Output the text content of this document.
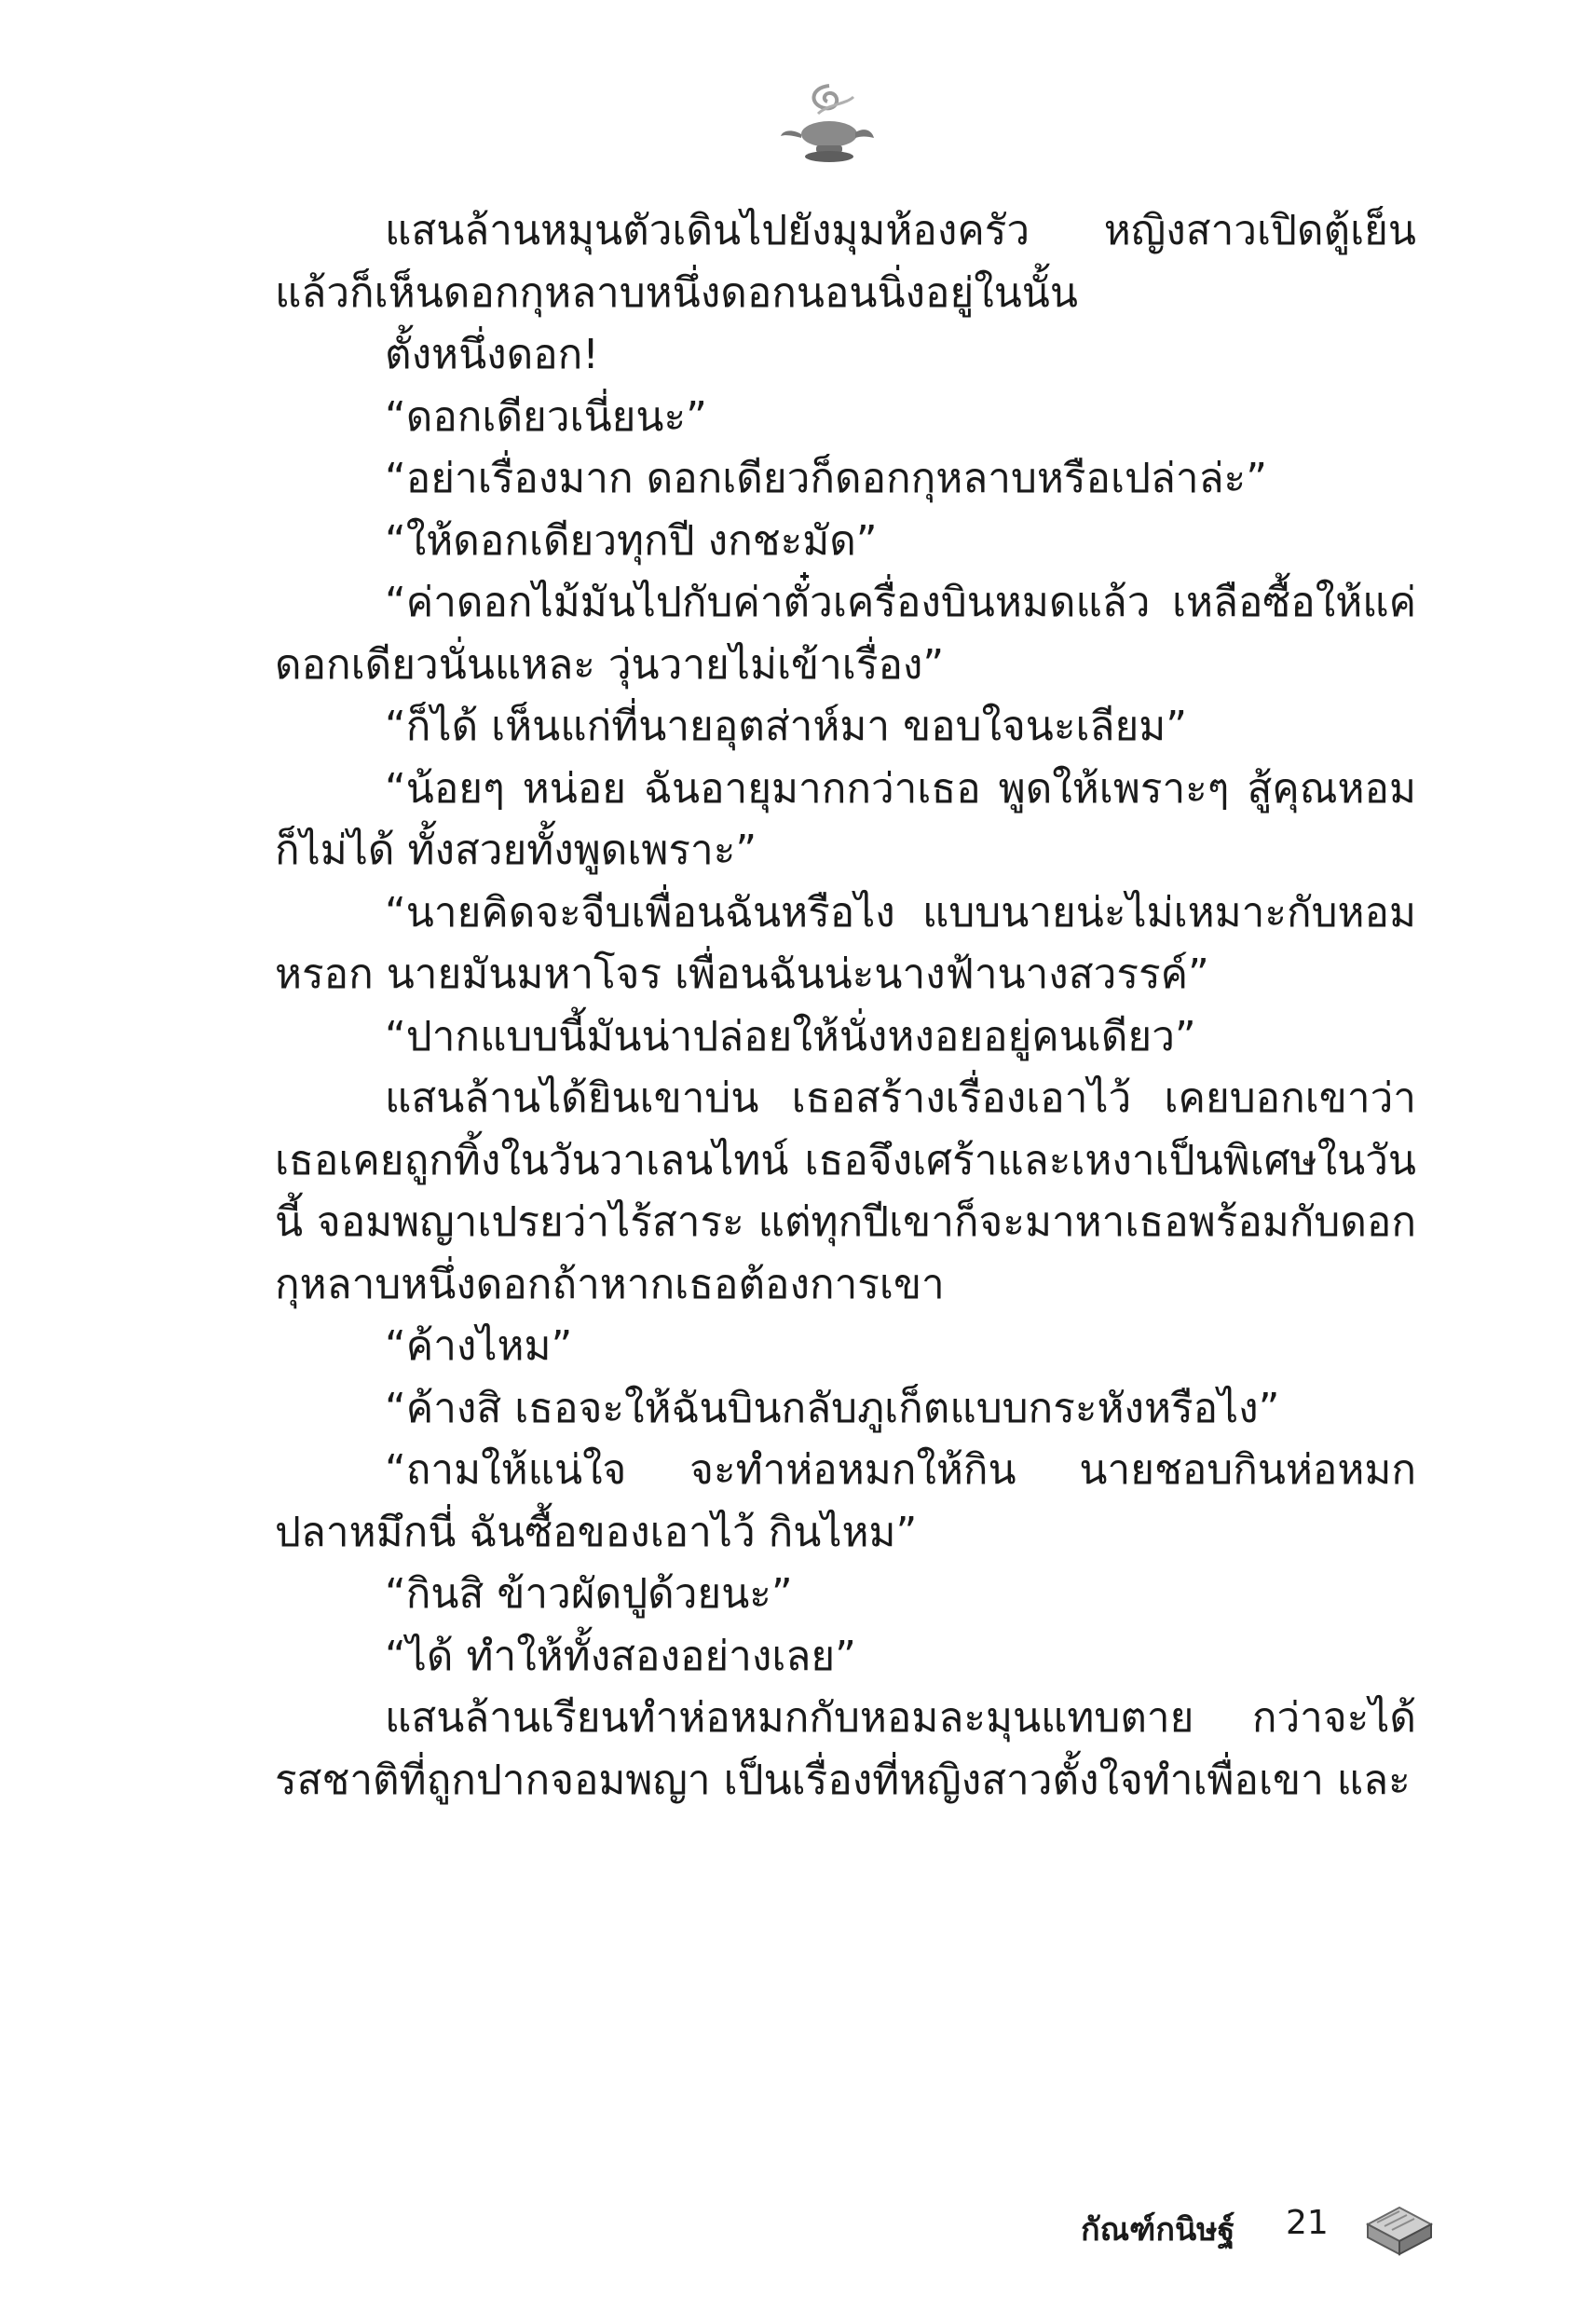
แสนล้านหมุนตัวเดินไปยังมุมห้องครัว หญิงสาวเปิดตู้เย็นแล้วก็เห็นดอกกุหลาบหนึ่งดอกนอนนิ่งอยู่ในนั้น

ตั้งหนึ่งดอก!

“ดอกเดียวเนี่ยนะ”

“อย่าเรื่องมาก ดอกเดียวก็ดอกกุหลาบหรือเปล่าล่ะ”

“ให้ดอกเดียวทุกปี งกชะมัด”

“ค่าดอกไม้มันไปกับค่าตั๋วเครื่องบินหมดแล้ว เหลือซื้อให้แค่ดอกเดียวนั่นแหละ วุ่นวายไม่เข้าเรื่อง”

“ก็ได้ เห็นแก่ที่นายอุตส่าห์มา ขอบใจนะเลียม”

“น้อยๆ หน่อย ฉันอายุมากกว่าเธอ พูดให้เพราะๆ สู้คุณหอมก็ไม่ได้ ทั้งสวยทั้งพูดเพราะ”

“นายคิดจะจีบเพื่อนฉันหรือไง แบบนายน่ะไม่เหมาะกับหอมหรอก นายมันมหาโจร เพื่อนฉันน่ะนางฟ้านางสวรรค์”

“ปากแบบนี้มันน่าปล่อยให้นั่งหงอยอยู่คนเดียว”

แสนล้านได้ยินเขาบ่น เธอสร้างเรื่องเอาไว้ เคยบอกเขาว่าเธอเคยถูกทิ้งในวันวาเลนไทน์ เธอจึงเศร้าและเหงาเป็นพิเศษในวันนี้ จอมพญาเปรยว่าไร้สาระ แต่ทุกปีเขาก็จะมาหาเธอพร้อมกับดอกกุหลาบหนึ่งดอกถ้าหากเธอต้องการเขา

“ค้างไหม”

“ค้างสิ เธอจะให้ฉันบินกลับภูเก็ตแบบกระหังหรือไง”

“ถามให้แน่ใจ จะทำห่อหมกให้กิน นายชอบกินห่อหมกปลาหมึกนี่ ฉันซื้อของเอาไว้ กินไหม”

“กินสิ ข้าวผัดปูด้วยนะ”

“ได้ ทำให้ทั้งสองอย่างเลย”

แสนล้านเรียนทำห่อหมกกับหอมละมุนแทบตาย กว่าจะได้รสชาติที่ถูกปากจอมพญา เป็นเรื่องที่หญิงสาวตั้งใจทำเพื่อเขา และ

กัณฑ์กนิษฐ์ 21
